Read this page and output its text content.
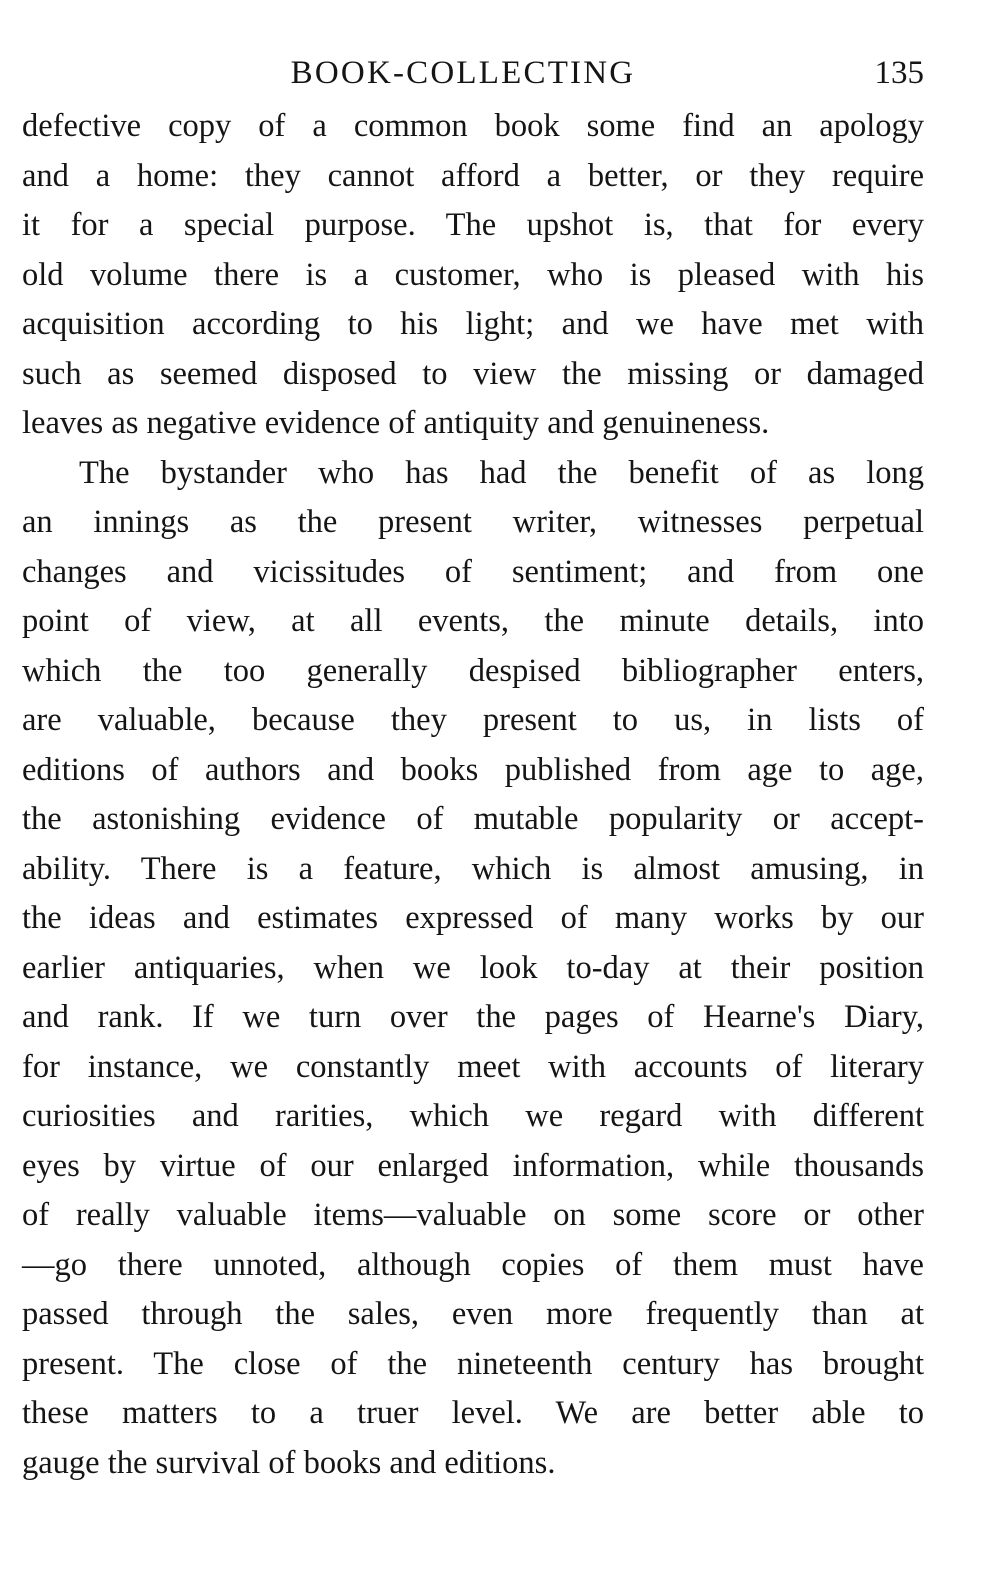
BOOK-COLLECTING	135
defective copy of a common book some find an apology
and a home: they cannot afford a better, or they require
it for a special purpose. The upshot is, that for every
old volume there is a customer, who is pleased with his
acquisition according to his light; and we have met with
such as seemed disposed to view the missing or damaged
leaves as negative evidence of antiquity and genuineness.
The bystander who has had the benefit of as long
an innings as the present writer, witnesses perpetual
changes and vicissitudes of sentiment; and from one
point of view, at all events, the minute details, into
which the too generally despised bibliographer enters,
are valuable, because they present to us, in lists of
editions of authors and books published from age to age,
the astonishing evidence of mutable popularity or accept-
ability. There is a feature, which is almost amusing, in
the ideas and estimates expressed of many works by our
earlier antiquaries, when we look to-day at their position
and rank. If we turn over the pages of Hearne's Diary,
for instance, we constantly meet with accounts of literary
curiosities and rarities, which we regard with different
eyes by virtue of our enlarged information, while thousands
of really valuable items—valuable on some score or other
—go there unnoted, although copies of them must have
passed through the sales, even more frequently than at
present. The close of the nineteenth century has brought
these matters to a truer level. We are better able to
gauge the survival of books and editions.
